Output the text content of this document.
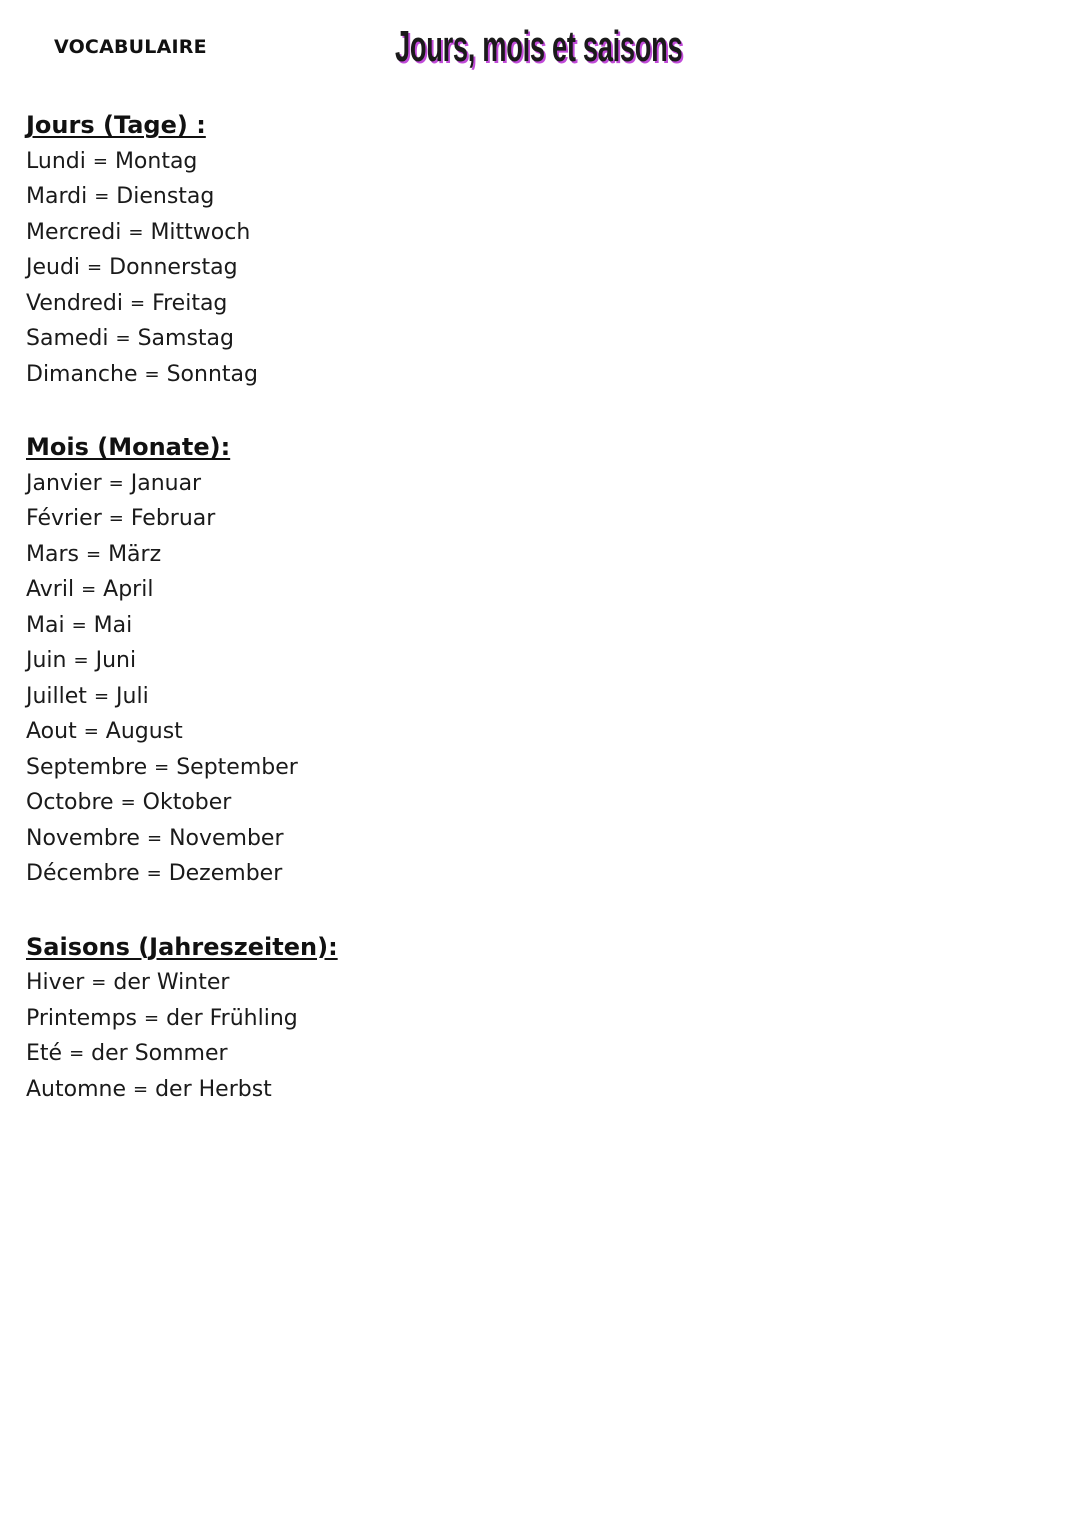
VOCABULAIRE	Jours, mois et saisons
Jours (Tage) :
Lundi = Montag
Mardi = Dienstag
Mercredi = Mittwoch
Jeudi = Donnerstag
Vendredi = Freitag
Samedi = Samstag
Dimanche = Sonntag
Mois (Monate):
Janvier = Januar
Février = Februar
Mars = März
Avril = April
Mai = Mai
Juin = Juni
Juillet = Juli
Aout = August
Septembre = September
Octobre = Oktober
Novembre = November
Décembre = Dezember
Saisons (Jahreszeiten):
Hiver = der Winter
Printemps = der Frühling
Eté = der Sommer
Automne = der Herbst
